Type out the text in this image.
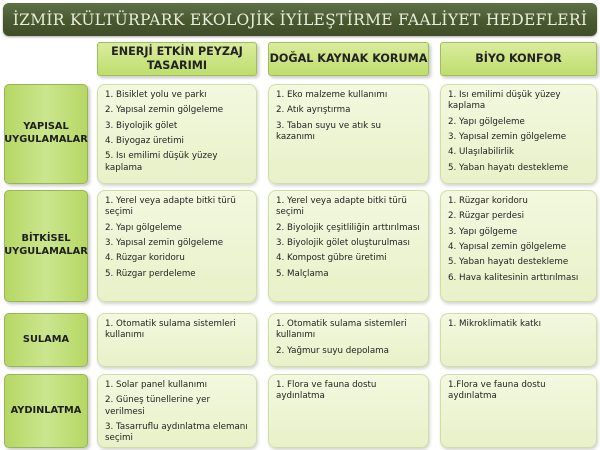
İZMİR KÜLTÜRPARK EKOLOJİK İYİLEŞTİRME FAALİYET HEDEFLERİ
ENERJİ ETKİN PEYZAJ TASARIMI
DOĞAL KAYNAK KORUMA	BİYO KONFOR
YAPISAL UYGULAMALAR
BİTKİSEL UYGULAMALAR
SULAMA
AYDINLATMA
1. Bisiklet yolu ve parkı
2. Yapısal zemin gölgeleme
3. Biyolojik gölet
4. Biyogaz üretimi
5. Isı emilimi düşük yüzey kaplama
1. Eko malzeme kullanımı
2. Atık ayrıştırma
3. Taban suyu ve atık su kazanımı
1. Isı emilimi düşük yüzey kaplama
2. Yapı gölgeleme
3. Yapısal zemin gölgeleme
4. Ulaşılabilirlik
5. Yaban hayatı destekleme
1. Yerel veya adapte bitki türü seçimi
2. Yapı gölgeleme
3. Yapısal zemin gölgeleme
4. Rüzgar koridoru
5. Rüzgar perdeleme
1. Yerel veya adapte bitki türü seçimi
2. Biyolojik çeşitliliğin arttırılması
3. Biyolojik gölet oluşturulması
4. Kompost gübre üretimi
5. Malçlama
1. Rüzgar koridoru
2. Rüzgar perdesi
3. Yapı gölgeme
4. Yapısal zemin gölgeleme
5. Yaban hayatı destekleme
6. Hava kalitesinin arttırılması
1. Otomatik sulama sistemleri kullanımı
1. Otomatik sulama sistemleri kullanımı
2. Yağmur suyu depolama
1. Mikroklimatik katkı
1. Solar panel kullanımı
2. Güneş tünellerine yer verilmesi
3. Tasarruflu aydınlatma elemanı seçimi
1. Flora ve fauna dostu aydınlatma
1.Flora ve fauna dostu aydınlatma
